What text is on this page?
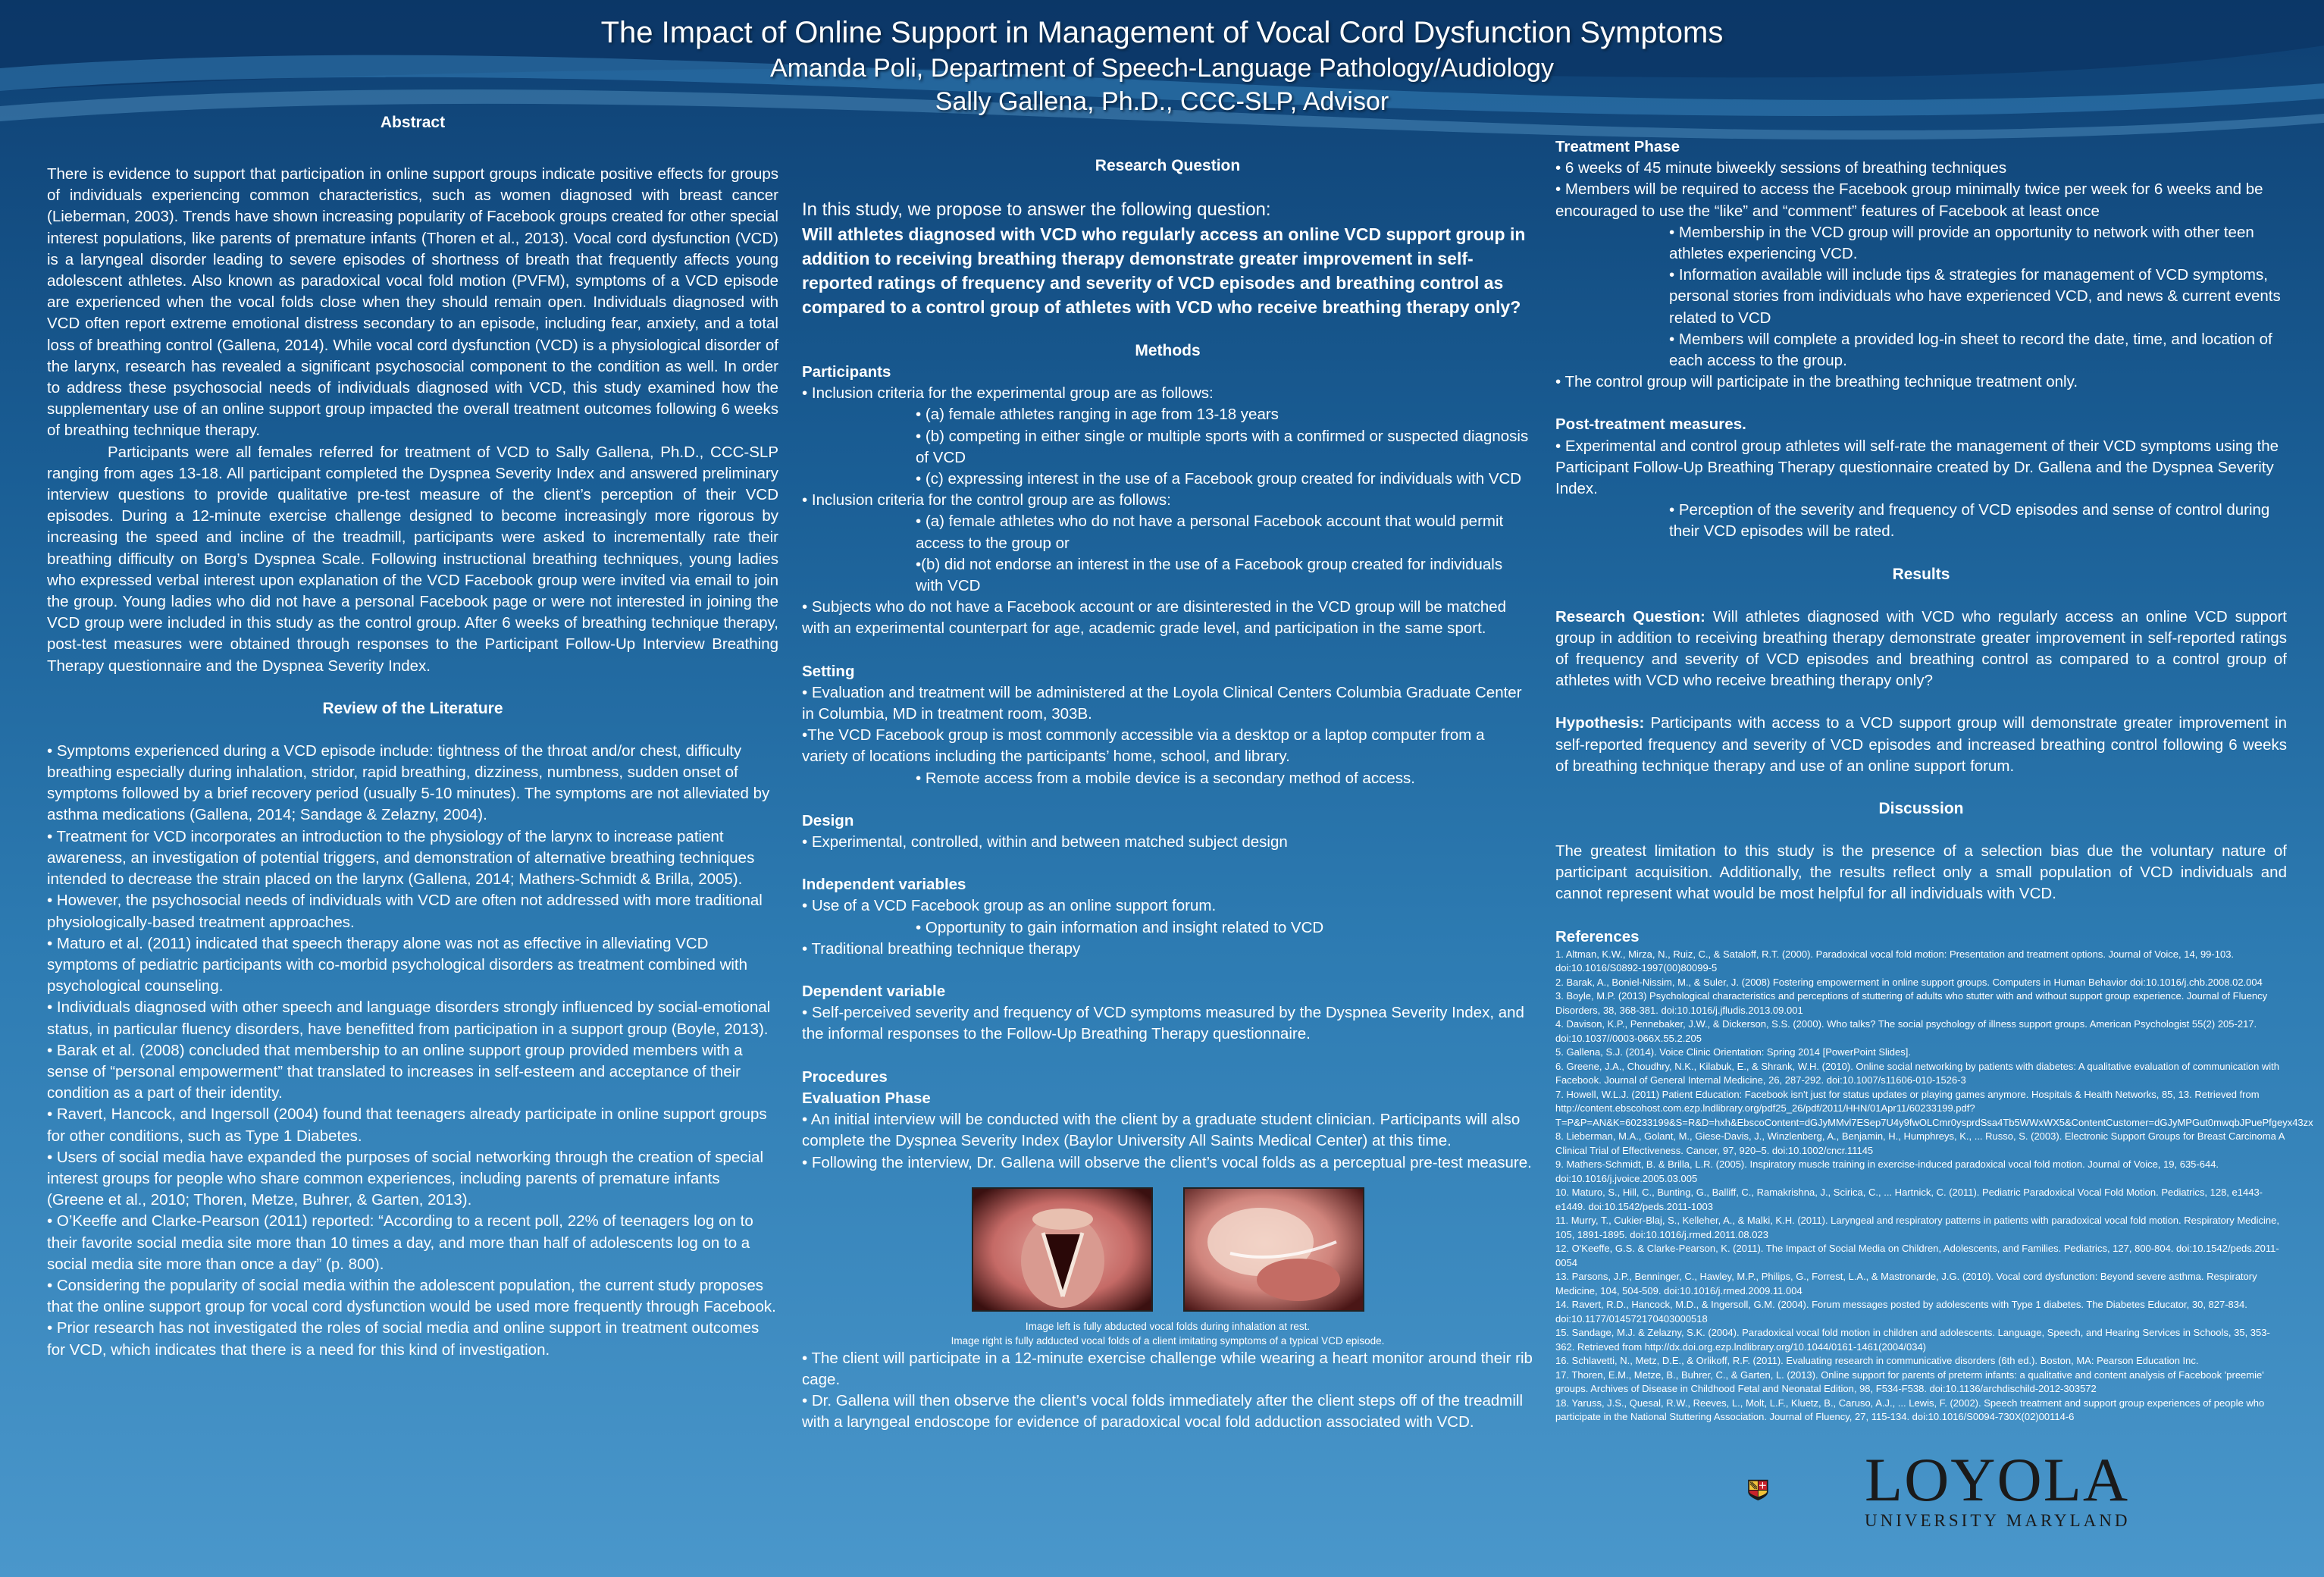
The Impact of Online Support in Management of Vocal Cord Dysfunction Symptoms
Amanda Poli, Department of Speech-Language Pathology/Audiology
Sally Gallena, Ph.D., CCC-SLP, Advisor

Abstract

There is evidence to support that participation in online support groups indicate positive effects for groups of individuals experiencing common characteristics, such as women diagnosed with breast cancer (Lieberman, 2003). Trends have shown increasing popularity of Facebook groups created for other special interest populations, like parents of premature infants (Thoren et al., 2013). Vocal cord dysfunction (VCD) is a laryngeal disorder leading to severe episodes of shortness of breath that frequently affects young adolescent athletes. Also known as paradoxical vocal fold motion (PVFM), symptoms of a VCD episode are experienced when the vocal folds close when they should remain open. Individuals diagnosed with VCD often report extreme emotional distress secondary to an episode, including fear, anxiety, and a total loss of breathing control (Gallena, 2014). While vocal cord dysfunction (VCD) is a physiological disorder of the larynx, research has revealed a significant psychosocial component to the condition as well. In order to address these psychosocial needs of individuals diagnosed with VCD, this study examined how the supplementary use of an online support group impacted the overall treatment outcomes following 6 weeks of breathing technique therapy.

Participants were all females referred for treatment of VCD to Sally Gallena, Ph.D., CCC-SLP ranging from ages 13-18. All participant completed the Dyspnea Severity Index and answered preliminary interview questions to provide qualitative pre-test measure of the client’s perception of their VCD episodes. During a 12-minute exercise challenge designed to become increasingly more rigorous by increasing the speed and incline of the treadmill, participants were asked to incrementally rate their breathing difficulty on Borg’s Dyspnea Scale. Following instructional breathing techniques, young ladies who expressed verbal interest upon explanation of the VCD Facebook group were invited via email to join the group. Young ladies who did not have a personal Facebook page or were not interested in joining the VCD group were included in this study as the control group. After 6 weeks of breathing technique therapy, post-test measures were obtained through responses to the Participant Follow-Up Interview Breathing Therapy questionnaire and the Dyspnea Severity Index.

Review of the Literature

• Symptoms experienced during a VCD episode include: tightness of the throat and/or chest, difficulty breathing especially during inhalation, stridor, rapid breathing, dizziness, numbness, sudden onset of symptoms followed by a brief recovery period (usually 5-10 minutes). The symptoms are not alleviated by asthma medications (Gallena, 2014; Sandage & Zelazny, 2004).

• Treatment for VCD incorporates an introduction to the physiology of the larynx to increase patient awareness, an investigation of potential triggers, and demonstration of alternative breathing techniques intended to decrease the strain placed on the larynx (Gallena, 2014; Mathers-Schmidt & Brilla, 2005).

• However, the psychosocial needs of individuals with VCD are often not addressed with more traditional physiologically-based treatment approaches.

• Maturo et al. (2011) indicated that speech therapy alone was not as effective in alleviating VCD symptoms of pediatric participants with co-morbid psychological disorders as treatment combined with psychological counseling.

• Individuals diagnosed with other speech and language disorders strongly influenced by social-emotional status, in particular fluency disorders, have benefitted from participation in a support group (Boyle, 2013).

• Barak et al. (2008) concluded that membership to an online support group provided members with a sense of “personal empowerment” that translated to increases in self-esteem and acceptance of their condition as a part of their identity.

• Ravert, Hancock, and Ingersoll (2004) found that teenagers already participate in online support groups for other conditions, such as Type 1 Diabetes.

• Users of social media have expanded the purposes of social networking through the creation of special interest groups for people who share common experiences, including parents of premature infants (Greene et al., 2010; Thoren, Metze, Buhrer, & Garten, 2013).

• O’Keeffe and Clarke-Pearson (2011) reported: “According to a recent poll, 22% of teenagers log on to their favorite social media site more than 10 times a day, and more than half of adolescents log on to a social media site more than once a day” (p. 800).

• Considering the popularity of social media within the adolescent population, the current study proposes that the online support group for vocal cord dysfunction would be used more frequently through Facebook.

• Prior research has not investigated the roles of social media and online support in treatment outcomes for VCD, which indicates that there is a need for this kind of investigation.

Research Question

In this study, we propose to answer the following question:

Will athletes diagnosed with VCD who regularly access an online VCD support group in addition to receiving breathing therapy demonstrate greater improvement in self-reported ratings of frequency and severity of VCD episodes and breathing control as compared to a control group of athletes with VCD who receive breathing therapy only?

Methods

Participants

• Inclusion criteria for the experimental group are as follows:

• (a) female athletes ranging in age from 13-18 years

• (b) competing in either single or multiple sports with a confirmed or suspected diagnosis of VCD

• (c) expressing interest in the use of a Facebook group created for individuals with VCD

• Inclusion criteria for the control group are as follows:

• (a) female athletes who do not have a personal Facebook account that would permit access to the group or

•(b) did not endorse an interest in the use of a Facebook group created for individuals with VCD

• Subjects who do not have a Facebook account or are disinterested in the VCD group will be matched with an experimental counterpart for age, academic grade level, and participation in the same sport.

Setting

• Evaluation and treatment will be administered at the Loyola Clinical Centers Columbia Graduate Center in Columbia, MD in treatment room, 303B.

•The VCD Facebook group is most commonly accessible via a desktop or a laptop computer from a variety of locations including the participants’ home, school, and library.

• Remote access from a mobile device is a secondary method of access.

Design

• Experimental, controlled, within and between matched subject design

Independent variables

• Use of a VCD Facebook group as an online support forum.

• Opportunity to gain information and insight related to VCD

• Traditional breathing technique therapy

Dependent variable

• Self-perceived severity and frequency of VCD symptoms measured by the Dyspnea Severity Index, and the informal responses to the Follow-Up Breathing Therapy questionnaire.

Procedures

Evaluation Phase

• An initial interview will be conducted with the client by a graduate student clinician. Participants will also complete the Dyspnea Severity Index (Baylor University All Saints Medical Center) at this time.

• Following the interview, Dr. Gallena will observe the client’s vocal folds as a perceptual pre-test measure.

Image left is fully abducted vocal folds during inhalation at rest.

Image right is fully adducted vocal folds of a client imitating symptoms of a typical VCD episode.

• The client will participate in a 12-minute exercise challenge while wearing a heart monitor around their rib cage.

• Dr. Gallena will then observe the client’s vocal folds immediately after the client steps off of the treadmill with a laryngeal endoscope for evidence of paradoxical vocal fold adduction associated with VCD.

Treatment Phase

• 6 weeks of 45 minute biweekly sessions of breathing techniques

• Members will be required to access the Facebook group minimally twice per week for 6 weeks and be encouraged to use the “like” and “comment” features of Facebook at least once

• Membership in the VCD group will provide an opportunity to network with other teen athletes experiencing VCD.

• Information available will include tips & strategies for management of VCD symptoms, personal stories from individuals who have experienced VCD, and news & current events related to VCD

• Members will complete a provided log-in sheet to record the date, time, and location of each access to the group.

• The control group will participate in the breathing technique treatment only.

Post-treatment measures.

• Experimental and control group athletes will self-rate the management of their VCD symptoms using the Participant Follow-Up Breathing Therapy questionnaire created by Dr. Gallena and the Dyspnea Severity Index.

• Perception of the severity and frequency of VCD episodes and sense of control during their VCD episodes will be rated.

Results

Research Question: Will athletes diagnosed with VCD who regularly access an online VCD support group in addition to receiving breathing therapy demonstrate greater improvement in self-reported ratings of frequency and severity of VCD episodes and breathing control as compared to a control group of athletes with VCD who receive breathing therapy only?

Hypothesis: Participants with access to a VCD support group will demonstrate greater improvement in self-reported frequency and severity of VCD episodes and increased breathing control following 6 weeks of breathing technique therapy and use of an online support forum.

Discussion

The greatest limitation to this study is the presence of a selection bias due the voluntary nature of participant acquisition. Additionally, the results reflect only a small population of VCD individuals and cannot represent what would be most helpful for all individuals with VCD.

References

1. Altman, K.W., Mirza, N., Ruiz, C., & Sataloff, R.T. (2000). Paradoxical vocal fold motion: Presentation and treatment options. Journal of Voice, 14, 99-103. doi:10.1016/S0892-1997(00)80099-5

2. Barak, A., Boniel-Nissim, M., & Suler, J. (2008) Fostering empowerment in online support groups. Computers in Human Behavior doi:10.1016/j.chb.2008.02.004

3. Boyle, M.P. (2013) Psychological characteristics and perceptions of stuttering of adults who stutter with and without support group experience. Journal of Fluency Disorders, 38, 368-381. doi:10.1016/j.jfludis.2013.09.001

4. Davison, K.P., Pennebaker, J.W., & Dickerson, S.S. (2000). Who talks? The social psychology of illness support groups. American Psychologist 55(2) 205-217. doi:10.1037//0003-066X.55.2.205

5. Gallena, S.J. (2014). Voice Clinic Orientation: Spring 2014 [PowerPoint Slides].

6. Greene, J.A., Choudhry, N.K., Kilabuk, E., & Shrank, W.H. (2010). Online social networking by patients with diabetes: A qualitative evaluation of communication with Facebook. Journal of General Internal Medicine, 26, 287-292. doi:10.1007/s11606-010-1526-3

7. Howell, W.L.J. (2011) Patient Education: Facebook isn't just for status updates or playing games anymore. Hospitals & Health Networks, 85, 13. Retrieved from http://content.ebscohost.com.ezp.lndlibrary.org/pdf25_26/pdf/2011/HHN/01Apr11/60233199.pdf?T=P&P=AN&K=60233199&S=R&D=hxh&EbscoContent=dGJyMMvl7ESep7U4y9fwOLCmr0ysprdSsa4Tb5WWxWX5&ContentCustomer=dGJyMPGut0mwqbJPuePfgeyx43zx

8. Lieberman, M.A., Golant, M., Giese-Davis, J., Winzlenberg, A., Benjamin, H., Humphreys, K., ... Russo, S. (2003). Electronic Support Groups for Breast Carcinoma A Clinical Trial of Effectiveness. Cancer, 97, 920–5. doi:10.1002/cncr.11145

9. Mathers-Schmidt, B. & Brilla, L.R. (2005). Inspiratory muscle training in exercise-induced paradoxical vocal fold motion. Journal of Voice, 19, 635-644. doi:10.1016/j.jvoice.2005.03.005

10. Maturo, S., Hill, C., Bunting, G., Balliff, C., Ramakrishna, J., Scirica, C., ... Hartnick, C. (2011). Pediatric Paradoxical Vocal Fold Motion. Pediatrics, 128, e1443-e1449. doi:10.1542/peds.2011-1003

11. Murry, T., Cukier-Blaj, S., Kelleher, A., & Malki, K.H. (2011). Laryngeal and respiratory patterns in patients with paradoxical vocal fold motion. Respiratory Medicine, 105, 1891-1895. doi:10.1016/j.rmed.2011.08.023

12. O'Keeffe, G.S. & Clarke-Pearson, K. (2011). The Impact of Social Media on Children, Adolescents, and Families. Pediatrics, 127, 800-804. doi:10.1542/peds.2011-0054

13. Parsons, J.P., Benninger, C., Hawley, M.P., Philips, G., Forrest, L.A., & Mastronarde, J.G. (2010). Vocal cord dysfunction: Beyond severe asthma. Respiratory Medicine, 104, 504-509. doi:10.1016/j.rmed.2009.11.004

14. Ravert, R.D., Hancock, M.D., & Ingersoll, G.M. (2004). Forum messages posted by adolescents with Type 1 diabetes. The Diabetes Educator, 30, 827-834. doi:10.1177/014572170403000518

15. Sandage, M.J. & Zelazny, S.K. (2004). Paradoxical vocal fold motion in children and adolescents. Language, Speech, and Hearing Services in Schools, 35, 353-362. Retrieved from http://dx.doi.org.ezp.lndlibrary.org/10.1044/0161-1461(2004/034)

16. Schlavetti, N., Metz, D.E., & Orlikoff, R.F. (2011). Evaluating research in communicative disorders (6th ed.). Boston, MA: Pearson Education Inc.

17. Thoren, E.M., Metze, B., Buhrer, C., & Garten, L. (2013). Online support for parents of preterm infants: a qualitative and content analysis of Facebook 'preemie' groups. Archives of Disease in Childhood Fetal and Neonatal Edition, 98, F534-F538. doi:10.1136/archdischild-2012-303572

18. Yaruss, J.S., Quesal, R.W., Reeves, L., Molt, L.F., Kluetz, B., Caruso, A.J., ... Lewis, F. (2002). Speech treatment and support group experiences of people who participate in the National Stuttering Association. Journal of Fluency, 27, 115-134. doi:10.1016/S0094-730X(02)00114-6

LOYOLA
UNIVERSITY MARYLAND
